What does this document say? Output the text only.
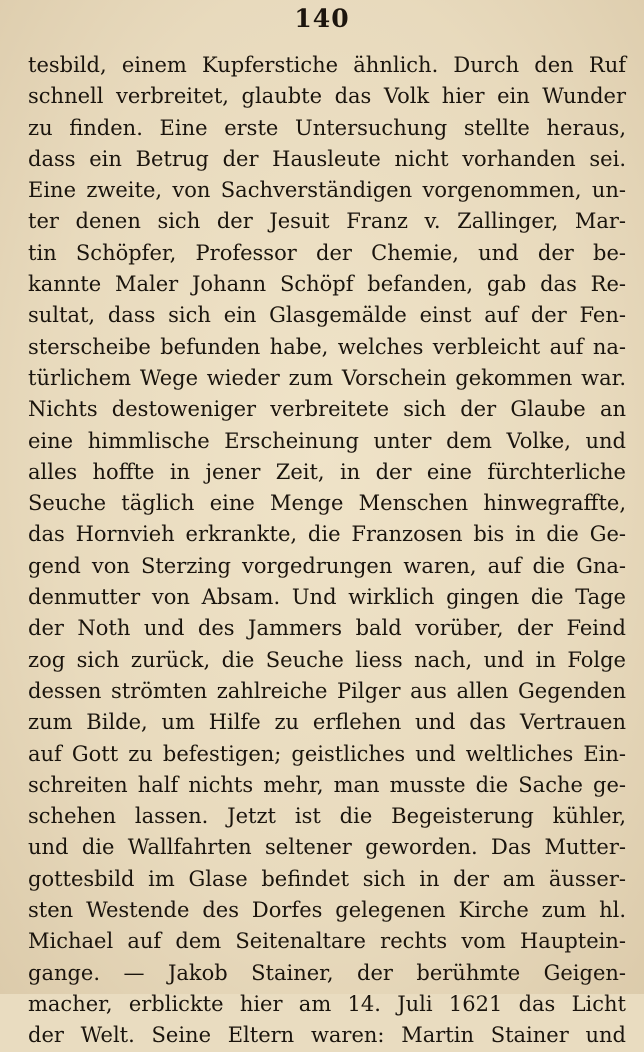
140
tesbild, einem Kupferstiche ähnlich. Durch den Ruf
schnell verbreitet, glaubte das Volk hier ein Wunder
zu finden. Eine erste Untersuchung stellte heraus,
dass ein Betrug der Hausleute nicht vorhanden sei.
Eine zweite, von Sachverständigen vorgenommen, un-
ter denen sich der Jesuit Franz v. Zallinger, Mar-
tin Schöpfer, Professor der Chemie, und der be-
kannte Maler Johann Schöpf befanden, gab das Re-
sultat, dass sich ein Glasgemälde einst auf der Fen-
sterscheibe befunden habe, welches verbleicht auf na-
türlichem Wege wieder zum Vorschein gekommen war.
Nichts destoweniger verbreitete sich der Glaube an
eine himmlische Erscheinung unter dem Volke, und
alles hoffte in jener Zeit, in der eine fürchterliche
Seuche täglich eine Menge Menschen hinwegraffte,
das Hornvieh erkrankte, die Franzosen bis in die Ge-
gend von Sterzing vorgedrungen waren, auf die Gna-
denmutter von Absam. Und wirklich gingen die Tage
der Noth und des Jammers bald vorüber, der Feind
zog sich zurück, die Seuche liess nach, und in Folge
dessen strömten zahlreiche Pilger aus allen Gegenden
zum Bilde, um Hilfe zu erflehen und das Vertrauen
auf Gott zu befestigen; geistliches und weltliches Ein-
schreiten half nichts mehr, man musste die Sache ge-
schehen lassen. Jetzt ist die Begeisterung kühler,
und die Wallfahrten seltener geworden. Das Mutter-
gottesbild im Glase befindet sich in der am äusser-
sten Westende des Dorfes gelegenen Kirche zum hl.
Michael auf dem Seitenaltare rechts vom Hauptein-
gange. — Jakob Stainer, der berühmte Geigen-
macher, erblickte hier am 14. Juli 1621 das Licht
der Welt. Seine Eltern waren: Martin Stainer und
